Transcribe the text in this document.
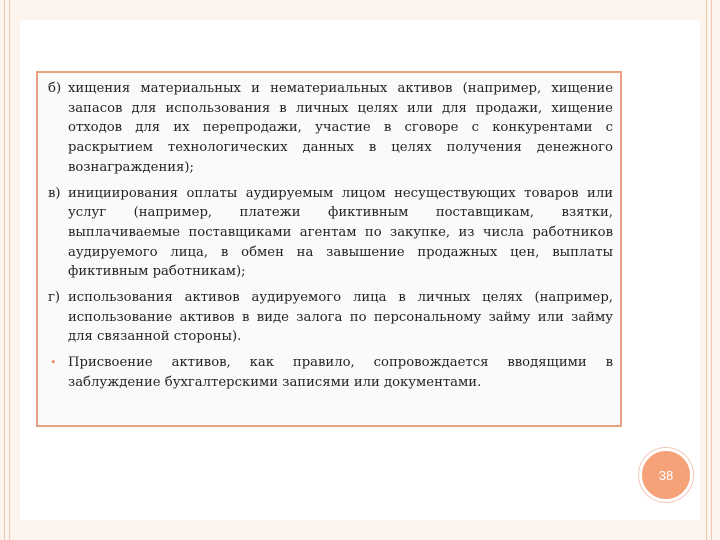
б) хищения материальных и нематериальных активов (например, хищение запасов для использования в личных целях или для продажи, хищение отходов для их перепродажи, участие в сговоре с конкурентами с раскрытием технологических данных в целях получения денежного вознаграждения);
в) инициирования оплаты аудируемым лицом несуществующих товаров или услуг (например, платежи фиктивным поставщикам, взятки, выплачиваемые поставщиками агентам по закупке, из числа работников аудируемого лица, в обмен на завышение продажных цен, выплаты фиктивным работникам);
г) использования активов аудируемого лица в личных целях (например, использование активов в виде залога по персональному займу или займу для связанной стороны).
• Присвоение активов, как правило, сопровождается вводящими в заблуждение бухгалтерскими записями или документами.
38
